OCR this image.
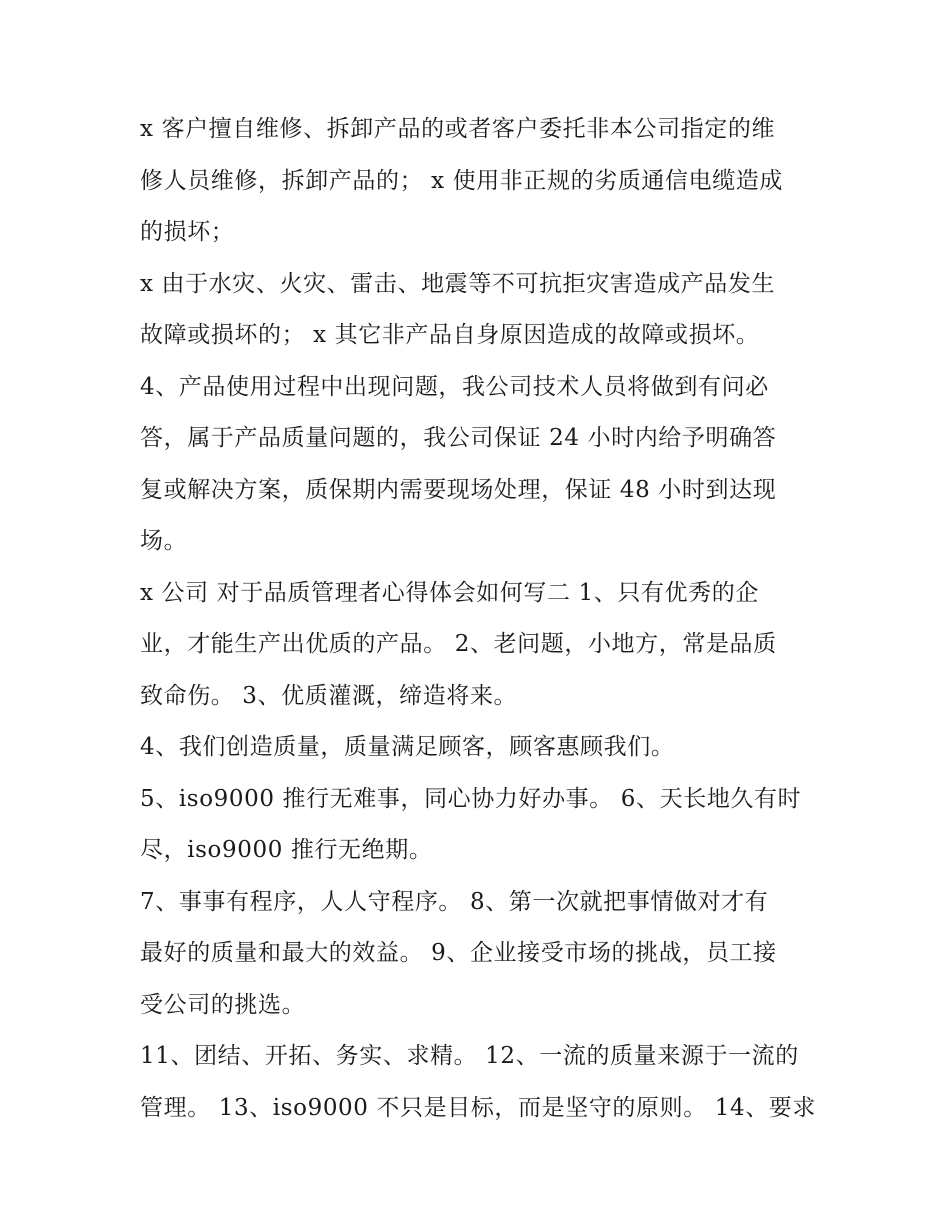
x 客户擅自维修、拆卸产品的或者客户委托非本公司指定的维
修人员维修，拆卸产品的； x 使用非正规的劣质通信电缆造成
的损坏；
x 由于水灾、火灾、雷击、地震等不可抗拒灾害造成产品发生
故障或损坏的； x 其它非产品自身原因造成的故障或损坏。
4、产品使用过程中出现问题，我公司技术人员将做到有问必
答，属于产品质量问题的，我公司保证 24 小时内给予明确答
复或解决方案，质保期内需要现场处理，保证 48 小时到达现
场。
x 公司 对于品质管理者心得体会如何写二 1、只有优秀的企
业，才能生产出优质的产品。 2、老问题，小地方，常是品质
致命伤。 3、优质灌溉，缔造将来。
4、我们创造质量，质量满足顾客，顾客惠顾我们。
5、iso9000 推行无难事，同心协力好办事。 6、天长地久有时
尽，iso9000 推行无绝期。
7、事事有程序，人人守程序。 8、第一次就把事情做对才有
最好的质量和最大的效益。 9、企业接受市场的挑战，员工接
受公司的挑选。
11、团结、开拓、务实、求精。 12、一流的质量来源于一流的
管理。 13、iso9000 不只是目标，而是坚守的原则。 14、要求
